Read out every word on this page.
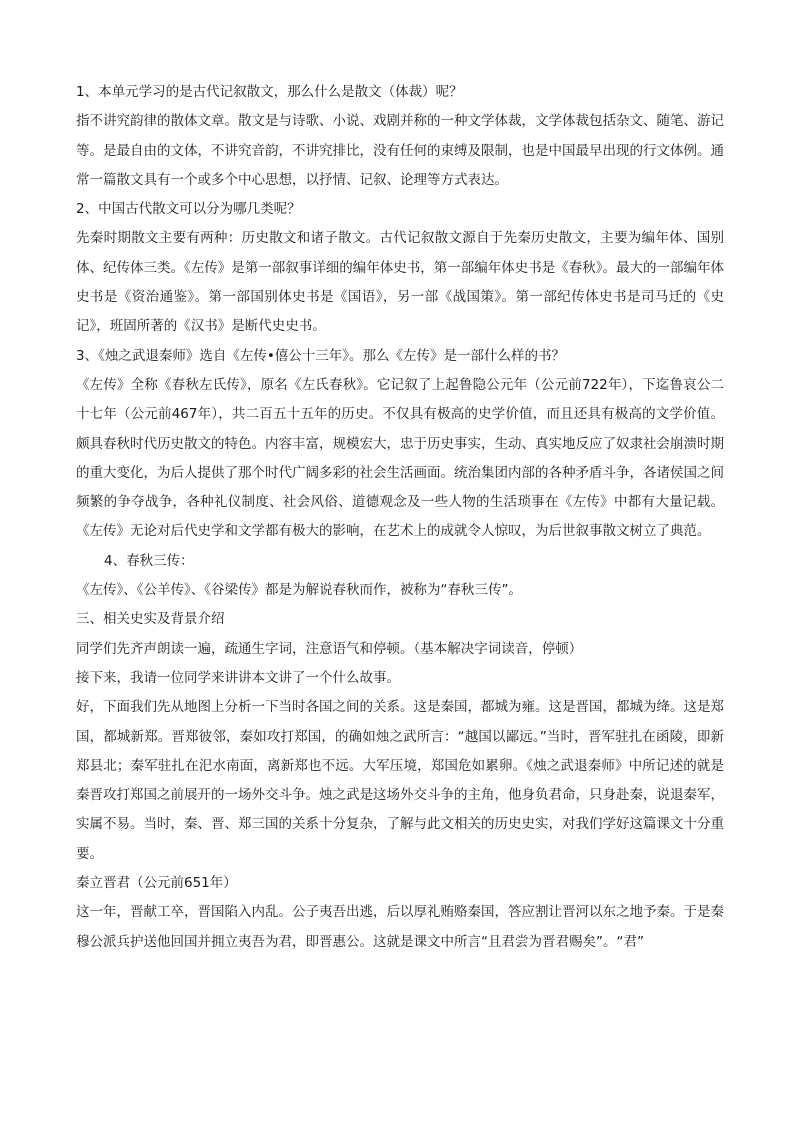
1、本单元学习的是古代记叙散文，那么什么是散文（体裁）呢？

指不讲究韵律的散体文章。散文是与诗歌、小说、戏剧并称的一种文学体裁，文学体裁包括杂文、随笔、游记等。是最自由的文体，不讲究音韵，不讲究排比，没有任何的束缚及限制，也是中国最早出现的行文体例。通常一篇散文具有一个或多个中心思想，以抒情、记叙、论理等方式表达。

2、中国古代散文可以分为哪几类呢？

先秦时期散文主要有两种：历史散文和诸子散文。古代记叙散文源自于先秦历史散文，主要为编年体、国别体、纪传体三类。《左传》是第一部叙事详细的编年体史书，第一部编年体史书是《春秋》。最大的一部编年体史书是《资治通鉴》。第一部国别体史书是《国语》，另一部《战国策》。第一部纪传体史书是司马迁的《史记》，班固所著的《汉书》是断代史史书。

3、《烛之武退秦师》选自《左传•僖公十三年》。那么《左传》是一部什么样的书？

《左传》全称《春秋左氏传》，原名《左氏春秋》。它记叙了上起鲁隐公元年（公元前722年），下迄鲁哀公二十七年（公元前467年），共二百五十五年的历史。不仅具有极高的史学价值，而且还具有极高的文学价值。颇具春秋时代历史散文的特色。内容丰富，规模宏大，忠于历史事实，生动、真实地反应了奴隶社会崩溃时期的重大变化，为后人提供了那个时代广阔多彩的社会生活画面。统治集团内部的各种矛盾斗争，各诸侯国之间频繁的争夺战争，各种礼仪制度、社会风俗、道德观念及一些人物的生活琐事在《左传》中都有大量记载。《左传》无论对后代史学和文学都有极大的影响，在艺术上的成就令人惊叹，为后世叙事散文树立了典范。

4、春秋三传：

《左传》、《公羊传》、《谷梁传》都是为解说春秋而作，被称为“春秋三传”。

三、相关史实及背景介绍

同学们先齐声朗读一遍，疏通生字词，注意语气和停顿。（基本解决字词读音，停顿）

接下来，我请一位同学来讲讲本文讲了一个什么故事。

好，下面我们先从地图上分析一下当时各国之间的关系。这是秦国，都城为雍。这是晋国，都城为绛。这是郑国，都城新郑。晋郑彼邻，秦如攻打郑国，的确如烛之武所言：“越国以鄙远。”当时，晋军驻扎在函陵，即新郑县北；秦军驻扎在汜水南面，离新郑也不远。大军压境，郑国危如累卵。《烛之武退秦师》中所记述的就是秦晋攻打郑国之前展开的一场外交斗争。烛之武是这场外交斗争的主角，他身负君命，只身赴秦，说退秦军，实属不易。当时，秦、晋、郑三国的关系十分复杂，了解与此文相关的历史史实，对我们学好这篇课文十分重要。

秦立晋君（公元前651年）

这一年，晋献工卒，晋国陷入内乱。公子夷吾出逃，后以厚礼贿赂秦国，答应割让晋河以东之地予秦。于是秦穆公派兵护送他回国并拥立夷吾为君，即晋惠公。这就是课文中所言“且君尝为晋君赐矣”。“君”
